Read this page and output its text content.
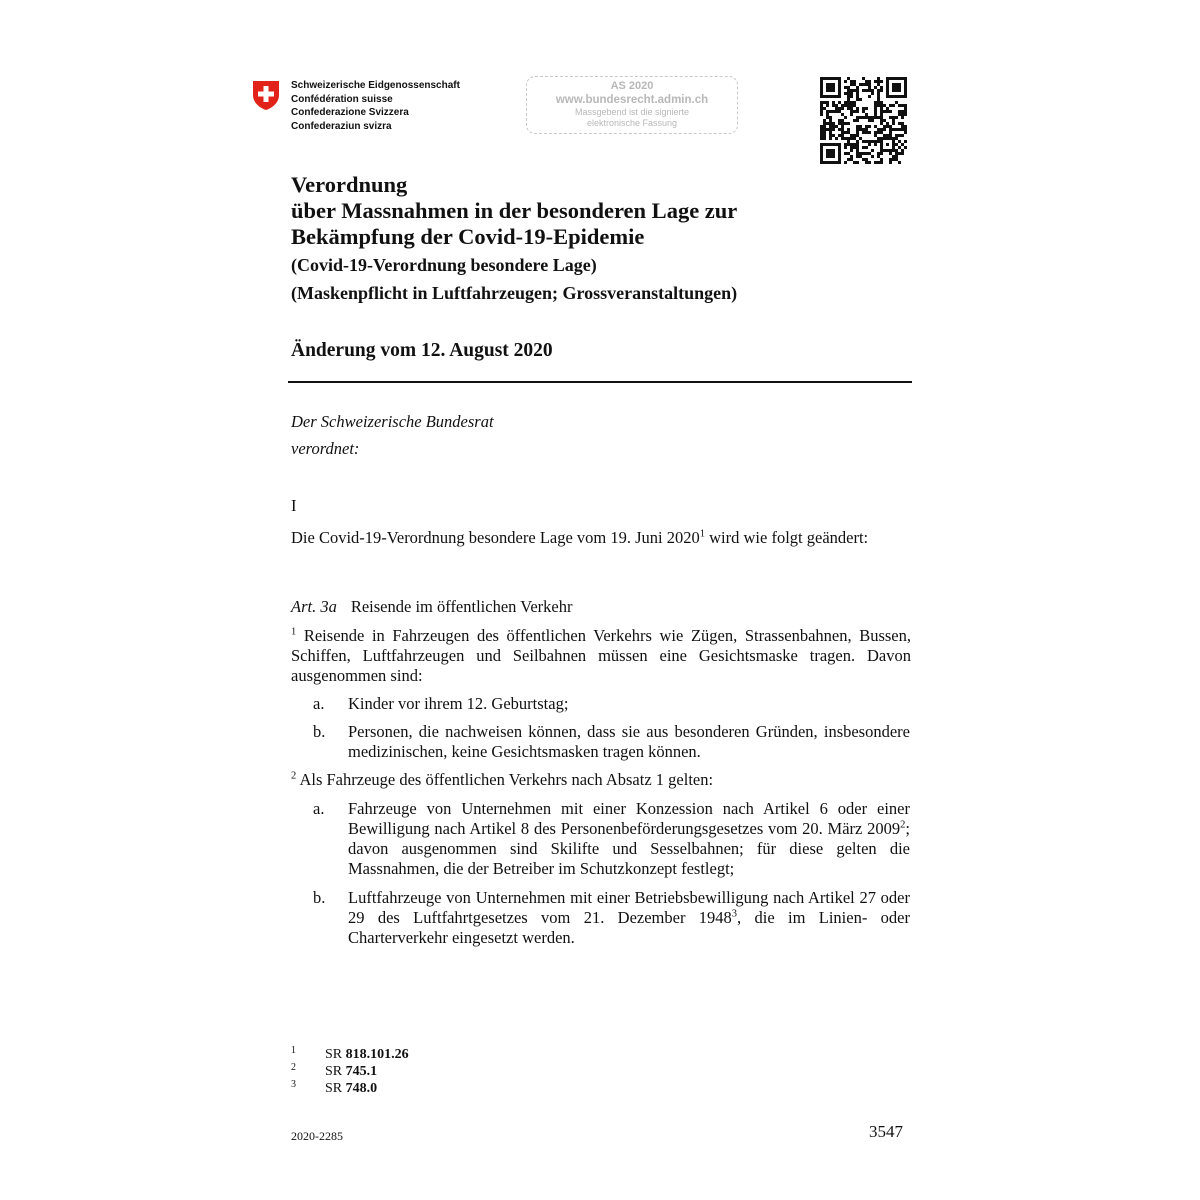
Schweizerische Eidgenossenschaft
Confédération suisse
Confederazione Svizzera
Confederaziun svizra
AS 2020
www.bundesrecht.admin.ch
Massgebend ist die signierte
elektronische Fassung
Verordnung
über Massnahmen in der besonderen Lage zur
Bekämpfung der Covid-19-Epidemie
(Covid-19-Verordnung besondere Lage)
(Maskenpflicht in Luftfahrzeugen; Grossveranstaltungen)
Änderung vom 12. August 2020
Der Schweizerische Bundesrat
verordnet:
I
Die Covid-19-Verordnung besondere Lage vom 19. Juni 2020$^1$ wird wie folgt geändert:
Art. 3a Reisende im öffentlichen Verkehr
$^1$ Reisende in Fahrzeugen des öffentlichen Verkehrs wie Zügen, Strassenbahnen, Bussen, Schiffen, Luftfahrzeugen und Seilbahnen müssen eine Gesichtsmaske tragen. Davon ausgenommen sind:
a. Kinder vor ihrem 12. Geburtstag;
b. Personen, die nachweisen können, dass sie aus besonderen Gründen, insbesondere medizinischen, keine Gesichtsmasken tragen können.
$^2$ Als Fahrzeuge des öffentlichen Verkehrs nach Absatz 1 gelten:
a. Fahrzeuge von Unternehmen mit einer Konzession nach Artikel 6 oder einer Bewilligung nach Artikel 8 des Personenbeförderungsgesetzes vom 20. März 2009$^2$; davon ausgenommen sind Skilifte und Sesselbahnen; für diese gelten die Massnahmen, die der Betreiber im Schutzkonzept festlegt;
b. Luftfahrzeuge von Unternehmen mit einer Betriebsbewilligung nach Artikel 27 oder 29 des Luftfahrtgesetzes vom 21. Dezember 1948$^3$, die im Linien- oder Charterverkehr eingesetzt werden.
1 SR 818.101.26
2 SR 745.1
3 SR 748.0
2020-2285	3547
